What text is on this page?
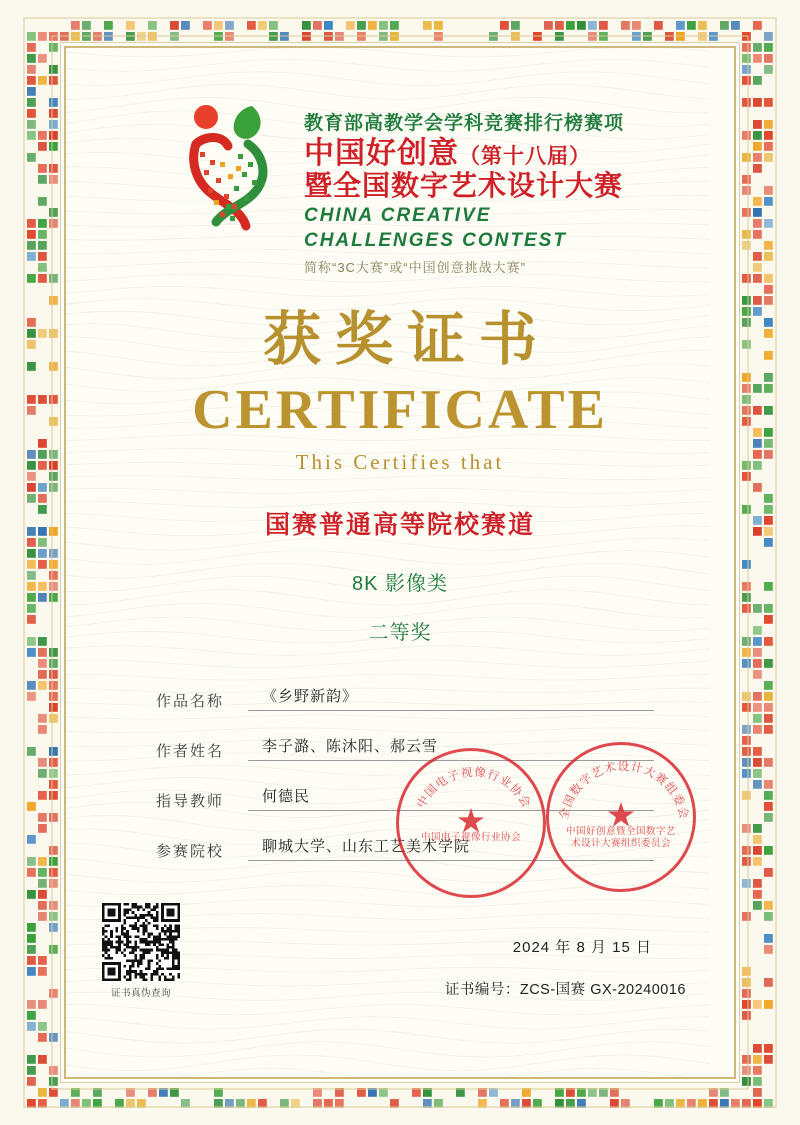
教育部高教学会学科竞赛排行榜赛项
中国好创意（第十八届）
暨全国数字艺术设计大赛
CHINA CREATIVE
CHALLENGES CONTEST
简称“3C大赛”或“中国创意挑战大赛”
获奖证书
CERTIFICATE
This Certifies that
国赛普通高等院校赛道
8K 影像类
二等奖
作品名称	《乡野新韵》
作者姓名	李子潞、陈沐阳、郝云雪
指导教师	何德民
参赛院校	聊城大学、山东工艺美术学院
中国电子视像行业协会
★
中国电子视像行业协会
全国数字艺术设计大赛组委会
★
中国好创意暨全国数字艺术设计大赛组织委员会
2024 年 8 月 15 日
证书编号：ZCS-国赛 GX-20240016
证书真伪查询
